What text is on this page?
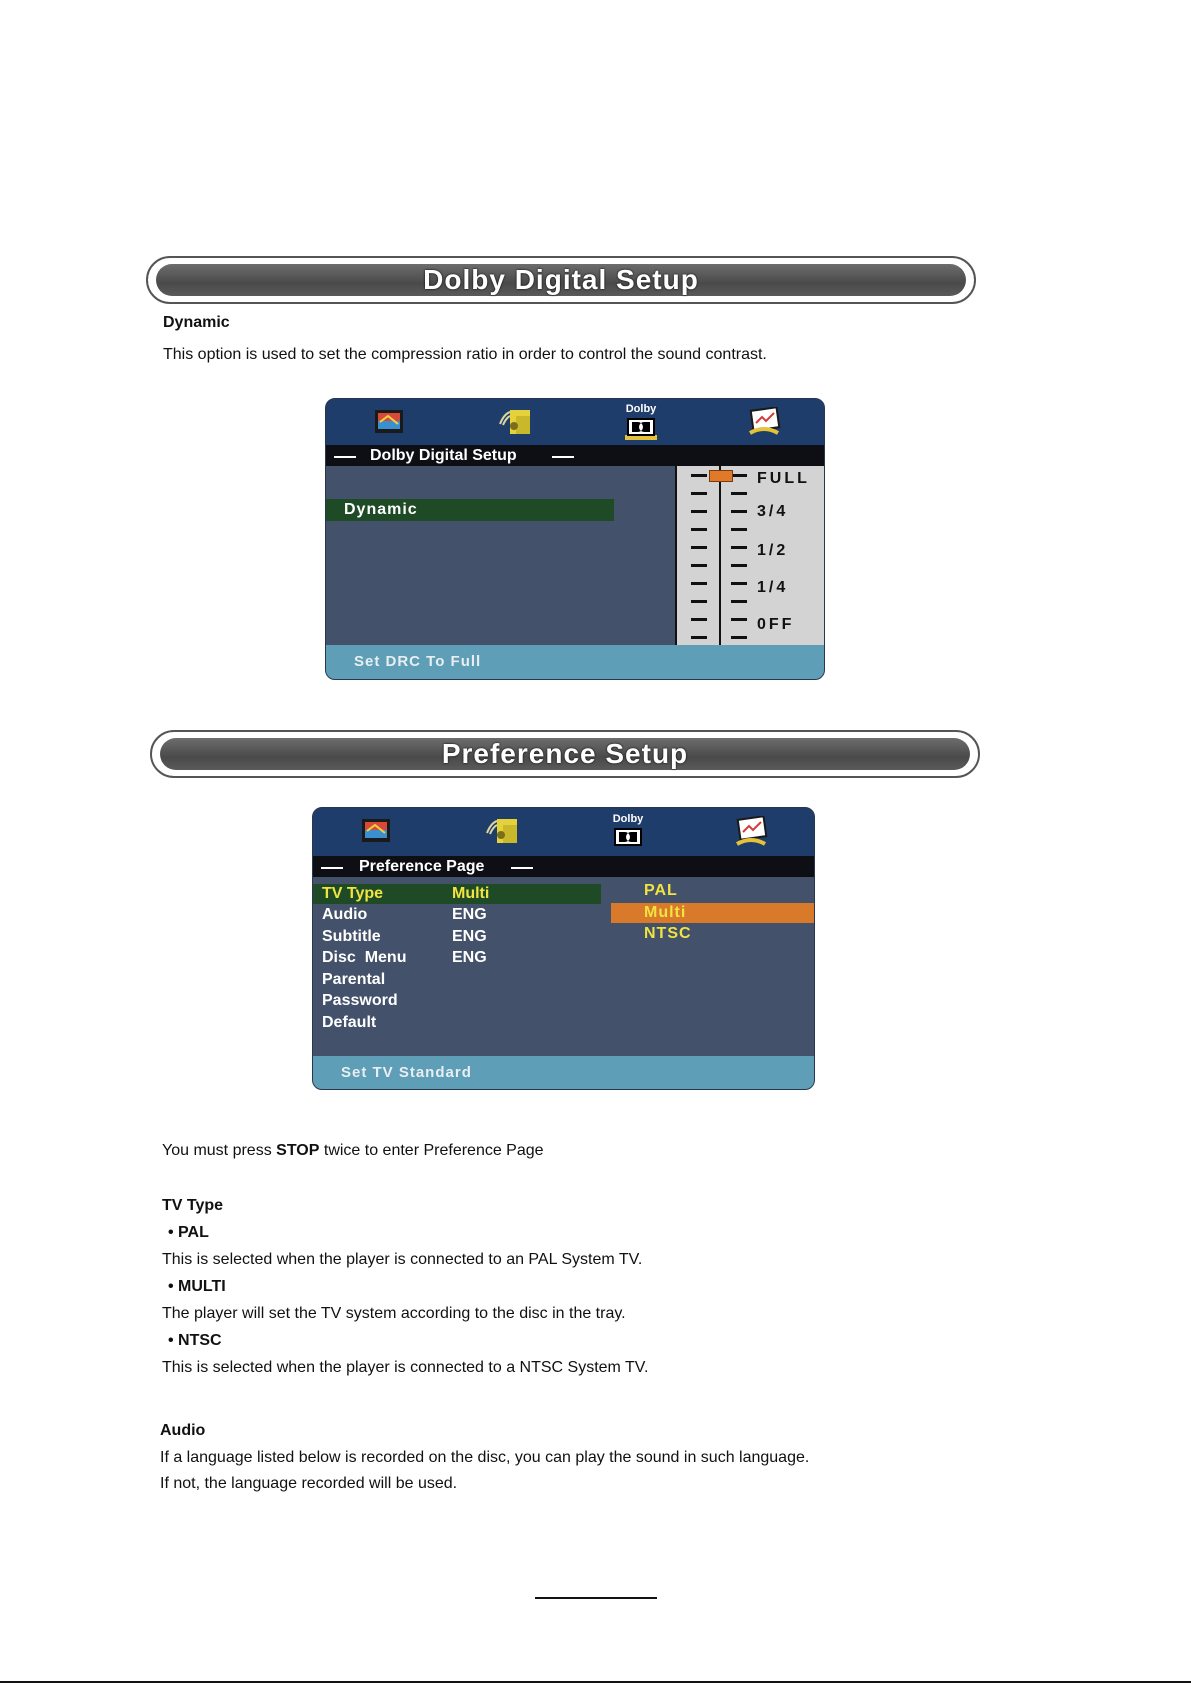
Dolby Digital Setup
Dynamic
This option is used to set the compression ratio in order to control the sound contrast.
Dolby
Dolby Digital Setup
Dynamic
FULL
3/4
1/2
1/4
0FF
Set DRC To Full
Preference Setup
Dolby
Preference Page
TV Type	Multi
Audio	ENG
Subtitle	ENG
Disc  Menu	ENG
Parental
Password
Default
PAL
Multi
NTSC
Set TV Standard
You must press STOP twice to enter Preference Page
TV Type
• PAL
This is selected when the player is connected to an PAL System TV.
• MULTI
The player will set the TV system according to the disc in the tray.
• NTSC
This is selected when the player is connected to a NTSC System TV.
Audio
If a language listed below is recorded on the disc, you can play the sound in such language.
If not, the language recorded will be used.
